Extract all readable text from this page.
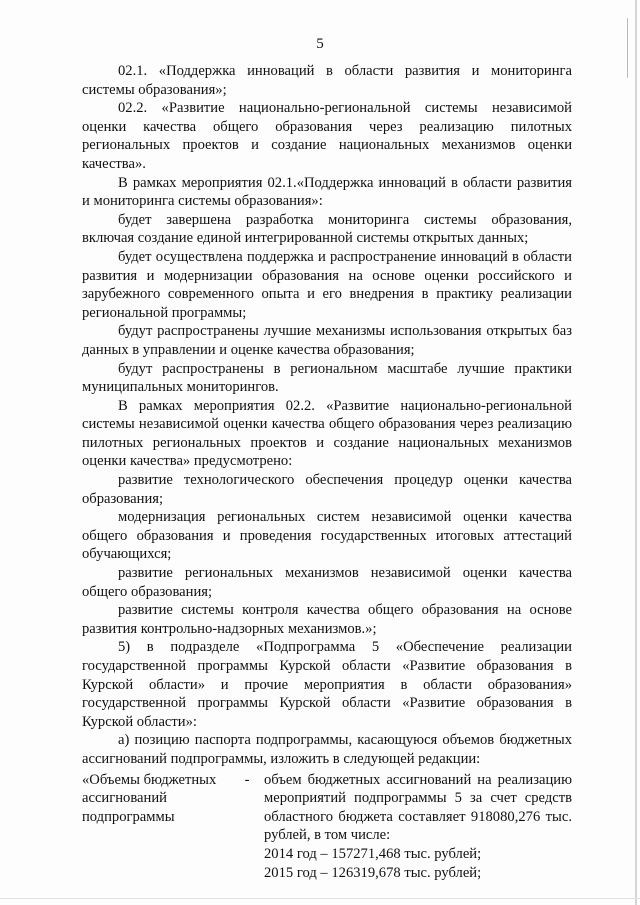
5

02.1. «Поддержка инноваций в области развития и мониторинга системы образования»;

02.2. «Развитие национально-региональной системы независимой оценки качества общего образования через реализацию пилотных региональных проектов и создание национальных механизмов оценки качества».

В рамках мероприятия 02.1.«Поддержка инноваций в области развития и мониторинга системы образования»:

будет завершена разработка мониторинга системы образования, включая создание единой интегрированной системы открытых данных;

будет осуществлена поддержка и распространение инноваций в области развития и модернизации образования на основе оценки российского и зарубежного современного опыта и его внедрения в практику реализации региональной программы;

будут распространены лучшие механизмы использования открытых баз данных в управлении и оценке качества образования;

будут распространены в региональном масштабе лучшие практики муниципальных мониторингов.

В рамках мероприятия 02.2. «Развитие национально-региональной системы независимой оценки качества общего образования через реализацию пилотных региональных проектов и создание национальных механизмов оценки качества» предусмотрено:

развитие технологического обеспечения процедур оценки качества образования;

модернизация региональных систем независимой оценки качества общего образования и проведения государственных итоговых аттестаций обучающихся;

развитие региональных механизмов независимой оценки качества общего образования;

развитие системы контроля качества общего образования на основе развития контрольно-надзорных механизмов.»;

5) в подразделе «Подпрограмма 5 «Обеспечение реализации государственной программы Курской области «Развитие образования в Курской области» и прочие мероприятия в области образования» государственной программы Курской области «Развитие образования в Курской области»:

а) позицию паспорта подпрограммы, касающуюся объемов бюджетных ассигнований подпрограммы, изложить в следующей редакции:

«Объемы бюджетных ассигнований подпрограммы
- объем бюджетных ассигнований на реализацию мероприятий подпрограммы 5 за счет средств областного бюджета составляет 918080,276 тыс. рублей, в том числе:
2014 год – 157271,468 тыс. рублей;
2015 год – 126319,678 тыс. рублей;
